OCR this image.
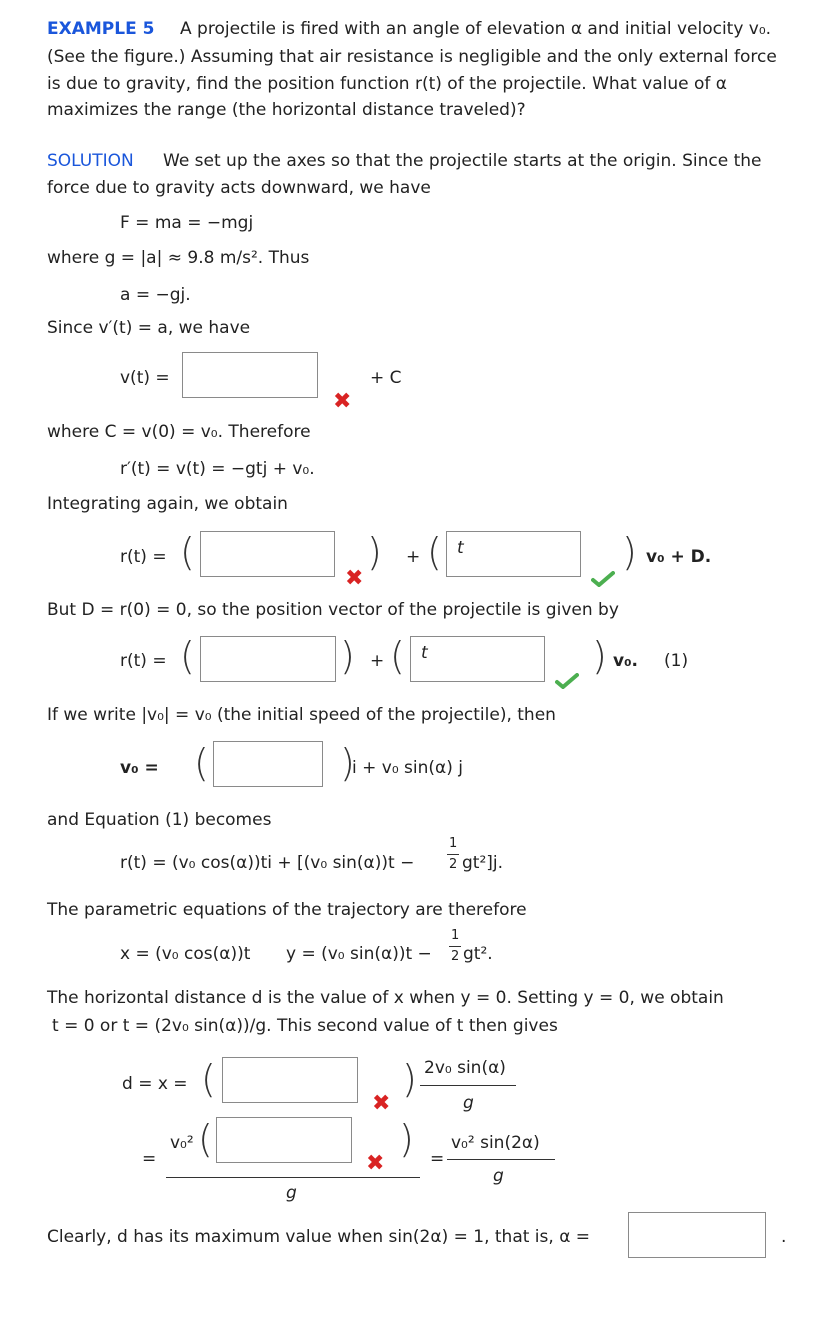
EXAMPLE 5 A projectile is fired with an angle of elevation α and initial velocity v₀.
(See the figure.) Assuming that air resistance is negligible and the only external force
is due to gravity, find the position function r(t) of the projectile. What value of α
maximizes the range (the horizontal distance traveled)?
SOLUTION We set up the axes so that the projectile starts at the origin. Since the
force due to gravity acts downward, we have
F = ma = −mgj
where g = |a| ≈ 9.8 m/s². Thus
a = −gj.
Since v′(t) = a, we have
v(t) =	+ C
✖
where C = v(0) = v₀. Therefore
r′(t) = v(t) = −gtj + v₀.
Integrating again, we obtain
r(t) = (	)
✖
+ ( t	) v₀ + D.
But D = r(0) = 0, so the position vector of the projectile is given by
r(t) = (	) + ( t	) v₀. (1)
If we write |v₀| = v₀ (the initial speed of the projectile), then
v₀ = (	)
i + v₀ sin(α) j
and Equation (1) becomes
r(t) = (v₀ cos(α))ti + [(v₀ sin(α))t −
1
2 gt²]j.
The parametric equations of the trajectory are therefore
x = (v₀ cos(α))t y = (v₀ sin(α))t −
1
2 gt².
The horizontal distance d is the value of x when y = 0. Setting y = 0, we obtain
t = 0 or t = (2v₀ sin(α))/g. This second value of t then gives
d = x = (
✖
) 2v₀ sin(α)
g
=
v₀² (
✖
)
g
=
v₀² sin(2α)
g
Clearly, d has its maximum value when sin(2α) = 1, that is, α =	.
